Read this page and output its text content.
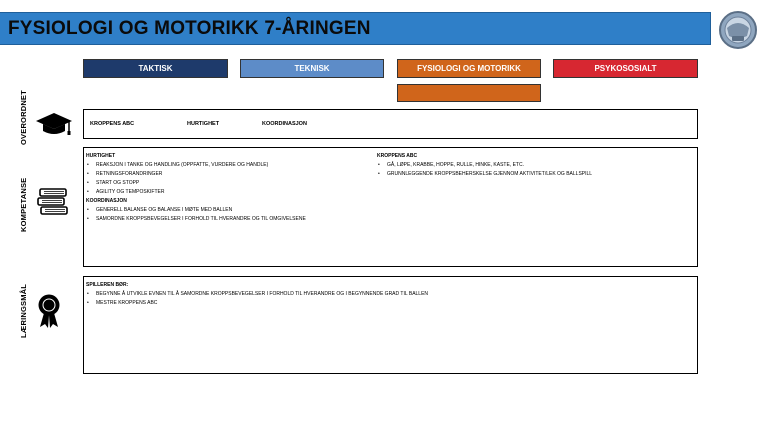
FYSIOLOGI OG MOTORIKK 7-ÅRINGEN
TAKTISK	TEKNISK	FYSIOLOGI OG MOTORIKK	PSYKOSOSIALT
OVERORDNET	KROPPENS ABC	HURTIGHET	KOORDINASJON
KOMPETANSE
HURTIGHET
• REAKSJON I TANKE OG HANDLING (OPPFATTE, VURDERE OG HANDLE)
• RETNINGSFORANDRINGER
• START OG STOPP
• AGILITY OG TEMPOSKIFTER
KOORDINASJON
• GENERELL BALANSE OG BALANSE I MØTE MED BALLEN
• SAMORDNE KROPPSBEVEGELSER I FORHOLD TIL HVERANDRE OG TIL OMGIVELSENE
KROPPENS ABC
• GÅ, LØPE, KRABBE, HOPPE, RULLE, HINKE, KASTE, ETC.
• GRUNNLEGGENDE KROPPSBEHERSKELSE GJENNOM AKTIVITET/LEK OG BALLSPILL
LÆRINGSMÅL	SPILLEREN BØR:
• BEGYNNE Å UTVIKLE EVNEN TIL Å SAMORDNE KROPPSBEVEGELSER I FORHOLD TIL HVERANDRE OG I BEGYNNENDE GRAD TIL BALLEN
• MESTRE KROPPENS ABC
